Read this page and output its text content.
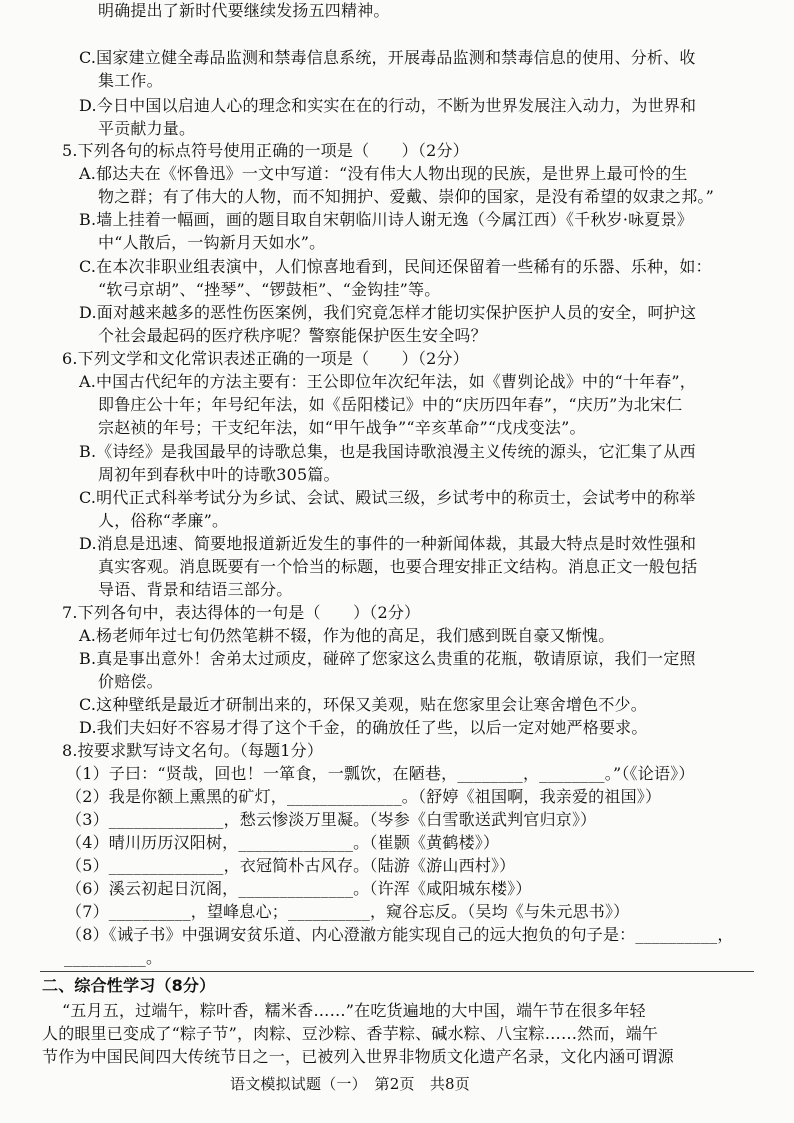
明确提出了新时代要继续发扬五四精神。
C.国家建立健全毒品监测和禁毒信息系统，开展毒品监测和禁毒信息的使用、分析、收
集工作。
D.今日中国以启迪人心的理念和实实在在的行动，不断为世界发展注入动力，为世界和
平贡献力量。
5.下列各句的标点符号使用正确的一项是（　　）（2分）
A.郁达夫在《怀鲁迅》一文中写道：“没有伟大人物出现的民族，是世界上最可怜的生
物之群；有了伟大的人物，而不知拥护、爱戴、崇仰的国家，是没有希望的奴隶之邦。”
B.墙上挂着一幅画，画的题目取自宋朝临川诗人谢无逸（今属江西）《千秋岁·咏夏景》
中“人散后，一钩新月天如水”。
C.在本次非职业组表演中，人们惊喜地看到，民间还保留着一些稀有的乐器、乐种，如：
“软弓京胡”、“挫琴”、“锣鼓柜”、“金钩挂”等。
D.面对越来越多的恶性伤医案例，我们究竟怎样才能切实保护医护人员的安全，呵护这
个社会最起码的医疗秩序呢？警察能保护医生安全吗？
6.下列文学和文化常识表述正确的一项是（　　）（2分）
A.中国古代纪年的方法主要有：王公即位年次纪年法，如《曹刿论战》中的“十年春”，
即鲁庄公十年；年号纪年法，如《岳阳楼记》中的“庆历四年春”，“庆历”为北宋仁
宗赵祯的年号；干支纪年法，如“甲午战争”“辛亥革命”“戊戌变法”。
B.《诗经》是我国最早的诗歌总集，也是我国诗歌浪漫主义传统的源头，它汇集了从西
周初年到春秋中叶的诗歌305篇。
C.明代正式科举考试分为乡试、会试、殿试三级，乡试考中的称贡士，会试考中的称举
人，俗称“孝廉”。
D.消息是迅速、简要地报道新近发生的事件的一种新闻体裁，其最大特点是时效性强和
真实客观。消息既要有一个恰当的标题，也要合理安排正文结构。消息正文一般包括
导语、背景和结语三部分。
7.下列各句中，表达得体的一句是（　　）（2分）
A.杨老师年过七旬仍然笔耕不辍，作为他的高足，我们感到既自豪又惭愧。
B.真是事出意外！舍弟太过顽皮，碰碎了您家这么贵重的花瓶，敬请原谅，我们一定照
价赔偿。
C.这种壁纸是最近才研制出来的，环保又美观，贴在您家里会让寒舍增色不少。
D.我们夫妇好不容易才得了这个千金，的确放任了些，以后一定对她严格要求。
8.按要求默写诗文名句。（每题1分）
（1）子曰：“贤哉，回也！一箪食，一瓢饮，在陋巷，________，________。”（《论语》）
（2）我是你额上熏黑的矿灯，______________。（舒婷《祖国啊，我亲爱的祖国》）
（3）______________，愁云惨淡万里凝。（岑参《白雪歌送武判官归京》）
（4）晴川历历汉阳树，______________。（崔颢《黄鹤楼》）
（5）______________，衣冠简朴古风存。（陆游《游山西村》）
（6）溪云初起日沉阁，______________。（许浑《咸阳城东楼》）
（7）__________，望峰息心；__________，窥谷忘反。（吴均《与朱元思书》）
（8）《诫子书》中强调安贫乐道、内心澄澈方能实现自己的远大抱负的句子是：__________，
__________。
二、综合性学习（8分）
“五月五，过端午，粽叶香，糯米香……”在吃货遍地的大中国，端午节在很多年轻
人的眼里已变成了“粽子节”，肉粽、豆沙粽、香芋粽、碱水粽、八宝粽……然而，端午
节作为中国民间四大传统节日之一，已被列入世界非物质文化遗产名录，文化内涵可谓源
语文模拟试题（一）　第2页　共8页
